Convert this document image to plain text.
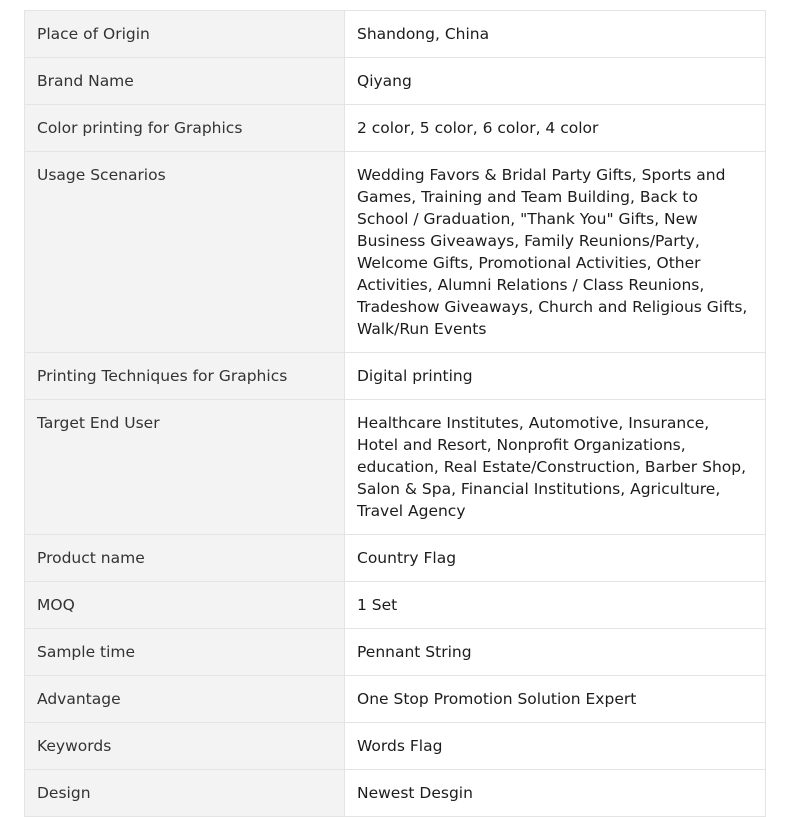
Place of Origin	Shandong, China
Brand Name	Qiyang
Color printing for Graphics	2 color, 5 color, 6 color, 4 color
Usage Scenarios	Wedding Favors & Bridal Party Gifts, Sports and Games, Training and Team Building, Back to School / Graduation, "Thank You" Gifts, New Business Giveaways, Family Reunions/Party, Welcome Gifts, Promotional Activities, Other Activities, Alumni Relations / Class Reunions, Tradeshow Giveaways, Church and Religious Gifts, Walk/Run Events
Printing Techniques for Graphics	Digital printing
Target End User	Healthcare Institutes, Automotive, Insurance, Hotel and Resort, Nonprofit Organizations, education, Real Estate/Construction, Barber Shop, Salon & Spa, Financial Institutions, Agriculture, Travel Agency
Product name	Country Flag
MOQ	1 Set
Sample time	Pennant String
Advantage	One Stop Promotion Solution Expert
Keywords	Words Flag
Design	Newest Desgin
